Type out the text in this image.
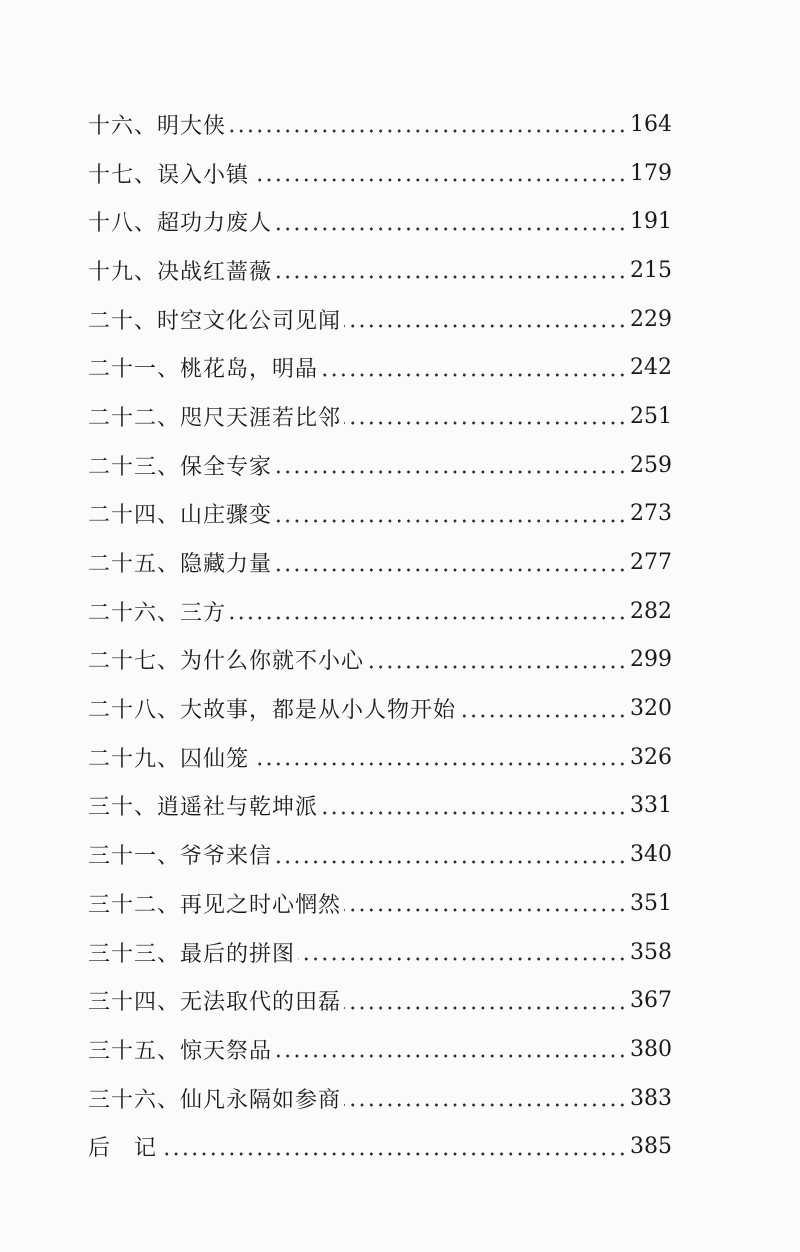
十六、明大侠	164
十七、误入小镇	179
十八、超功力废人	191
十九、决战红蔷薇	215
二十、时空文化公司见闻	229
二十一、桃花岛，明晶	242
二十二、咫尺天涯若比邻	251
二十三、保全专家	259
二十四、山庄骤变	273
二十五、隐藏力量	277
二十六、三方	282
二十七、为什么你就不小心	299
二十八、大故事，都是从小人物开始	320
二十九、囚仙笼	326
三十、逍遥社与乾坤派	331
三十一、爷爷来信	340
三十二、再见之时心惘然	351
三十三、最后的拼图	358
三十四、无法取代的田磊	367
三十五、惊天祭品	380
三十六、仙凡永隔如参商	383
后　记	385
